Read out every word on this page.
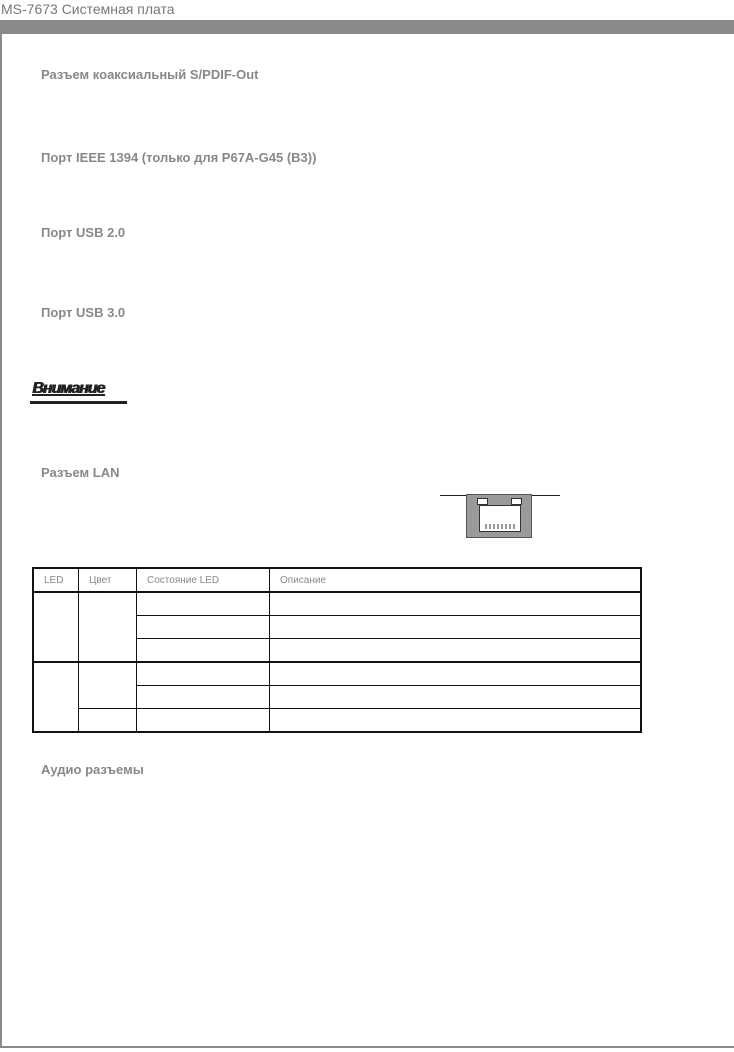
MS-7673 Системная плата
Разъем коаксиальный S/PDIF-Out
Порт IEEE 1394 (только для P67A-G45 (B3))
Порт USB 2.0
Порт USB 3.0
Внимание
Разъем LAN
LED	Цвет	Состояние LED	Описание

Аудио разъемы
